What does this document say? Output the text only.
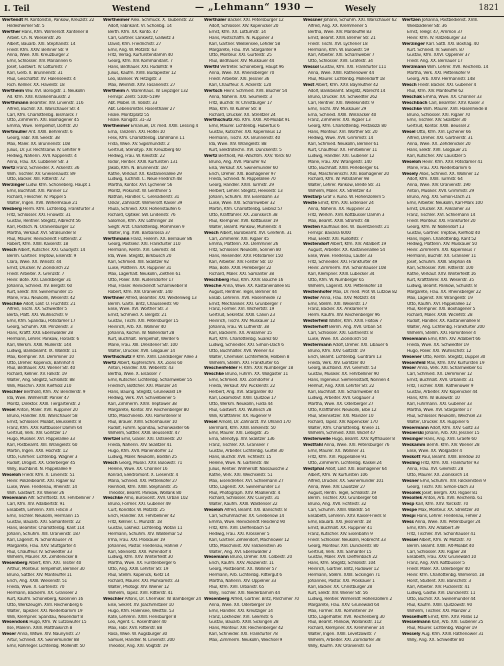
I. Teil	Westend	— „Lehmann“ 1930 —	Wesely	1821
Wertendt M. Kontoristin, Pankow, Kreuzstr. 22
Hildesheimer Str. 5
Werther Hans, Kfm. Wilmersdf. Xantener 8
Arbeit. Ch. N. Wiesenstr. 26
Albert, Bauarb. XXI. Stephanstr. 14
Friedr. Kfm. XXIV. Berliner Str. 9
Anna, Wwe. XXI. Kreuzburger 2
Emil, Schlosser. XIV. Mariannen 6
Josef, Gastwirt. IV. Lottumstr. 7
Karl, Gerb. II. Brunnenstr. 31
Paul, Geschäftsf. XV. Halenseestr. 4
Rich. Kellner. XX. Havelstr. 18
Wertheim Ww. XVI. Borsigstr. 1. Neukölln
Ad. Kfm. XXII. Krankenhausstr. 2
Werthmann Beamter. XIV. Linienstr. 116
Alfred, Buchdr. XX. Warschauer Str. 4
Carl, Kfm. Charlottenbg. Bismarck 7
Otto, Zimmerm. XXI. Boxhagener 45
Emma, Wwe. Tempelhof, Dorfstr. 20
Wertmüller Ant. XXIII. Behrenstr. 6
Georg, Fabr. XIII. Seestr. 38
Max, Maler. XX. Brunnenstr. 108
Julius, Dr. jur. Rechtsanw. IV. Lehrter 9
Hedwig, Näherin. XVII. Koppenstr. 4
Anna, Frau. XX. Lübbener Str. 3
Wertz Franz, Schneider. X. Ackerstr. 36
Wilh. Tischler. XV. Gneisenaustr. 89
Otto, Bäcker. XIII. Ritterstr. 72
Werzinger Ludw. Kfm. Schöneberg. Haupt 1
Emil, Buchhalt. XXI. Pannier 12
Richard, Fleischer. IV. Pappel 5
Walter, Ingen. XVII. Wilhelmsaue 21
Wesberg Herm. Kfm. Lichtenbg. Frankfurter 3
Fritz, Schlosser. XXI. Finowstr. 31
Gustav, Rentner. Steglitz, Albrecht 56
Karl, Postsch. N. Oranienburger 12
Martha, Verkäuf. XVI. Stralsunder 8
Paul, Maurer. Reinickendf. Flottenstr. 2
Robert, Kfm. XXIII. Kaiserstr. 18
Wesch Albert, Kutscher. XXI. Gaudystr. 14
Bernh. Gärtner. Treptow, Elsenstr. 9
Clara, Wwe. XX. Winsstr. 44
Ernst, Drucker. IV. Zionskirch 22
Friedr. Arbeiter. X. Grenzstr. 7
Heinr. Bote. XXI. Landsberger 31
Johanna, Schneid. XV. Bergstr. 60
Kurt, Elektr. XIV. Swinemünder 15
Marie, Frau. Neukölln, Weserstr. 42
Weschke Adolf, Lokf. O. Fruchtstr. 21
Alfred, Tischl. XX. Schwedter 5
Berta, Plätt. XXI. Wühlischstr. 9
Emil, Kfm. Spandau, Potsdamer 17
Georg, Schuhm. XIII. Prinzenstr. 3
Hans, Kraftf. XXII. Eberswalder 28
Hermann, Lehrer. Pankow, Florastr. 6
Karl, Werkm. XXIII. Müllerstr. 144
Ludwig, Bankbeamt. IX. Waldstr. 11
Max, Klempner. XX. Demminer 10
Otto, Dreher. Köpenick, Bahnhof 4
Paul, Bildhauer. XXI. Wiener Str. 40
Richard, Kellner. XV. Falkstr. 19
Walter, Ang. Steglitz, Schloßstr. 88
Willi, Maschin. XXIV. Kiefholz 210
Weschler Berthold, Kfm. XV. Bendlerstr. 9
Ida, Wwe. Wilmersdf. Pariser 47
Moritz, Direktor. XXIII. Tiergartenstr. 2
Wesel Anton, Maler. XVII. Ruppiner 20
Bruno, Händler. XXI. Warschauer 58
Ernst, Schlosser. Moabit, Beusselstr. 8
Franz, Kfm. XXV. Kottbusser Damm 64
Gertrud, Verk. XIV. Görlitzer 17
Hugo, Musiker. XVI. Pappelallee 33
Karl, Postbeamt. XIII. Wrangelstr. 60
Martin, Ingen. XXII. Hochstr. 12
Otto, Fuhrherr. Lichtenbg. Wagner 3
Rudolf, Drogist. XX. Oderberger 45
Willy, Buchbind. N. Pappelallee 9
Weseloh Friedr. Kfm. X. Linienstr. 51
Heinr. Polizeibeamt. XXI. Rigaer 82
Luise, Wwe. Friedenau, Rheinstr. 14
Wilh. Gastwirt. XV. Wiener 26
Wesemann Alfr. Schriftsetz. XX. Fehrbelliner 7
Carl, Kfm. XIV. Adalbertstr. 91
Elisabeth, Lehrerin. XVII. Fidicin 3
Emil, Tischler. Neukölln, Hermann 15
Gustav, Bauarb. XXI. Samariterstr. 22
Hans, Beamter. Charlottenbg. Kant 114
Johann, Schuhm. XIII. Oranienstr. 187
Karl, Lagerist. N. Schönhauser 74
Margarete, Frau. XXV. Stuttgarter 4
Paul, Chauffeur. IV. Schwedter 33
Wilhelm, Maurer. XX. Zehdenicker 8
Wesenberg Albert, Kfm. XXI. Tilsiter 40
Arthur, Monteur. Tempelhof, Berliner 30
Bruno, Sattler. XIV. Manteuffel 11
Erich, Ang. XXIII. Wiesenstr. 51
Frieda, Wwe. X. Gartenstr. 70
Hermann, Bäckerm. XX. Granseer 2
Kurt, Kaufm. Schöneberg, Kolonnen 16
Otto, Werkzeugm. XVII. Reichenberg 6
Walter, Tapezier. XXI. Niederbarnim 19
Willi, Klempner. Spandau, Neuendorf 8
Wesendonk Hugo, Kfm. W. Lützowufer 15
Ilse, Malerin. XXIII. Matthäikirch 8
Weser Anna, Witwe. XIV. Naunynstr. 27
Artur, Schneid. XX. Swinemünder 88
Emil, Rohrleger. Lichtenbg. Möllendf. 50
Wertheimer Alex. Schmuck. X. Taubenstr. 22
Adolf, Fabrikant. VI. Schönbg. 14
Berth. Kfm. XX. Konto. 47
Carl, Gärtner. Lankwitz, Gallwitz 3
David, Kfm. Friedrichstr. 27
Emil, Ang. W. Motzstr. 63
Fritz, Verlag. Kurfürstendamm 40
Georg, Kfm. XIV. Kommandant. 7
Hans, Bildhauer. XXI. Rudolfstr. 9
Julius, Kaufm. XVIII. Budapester 12
Leo, Bankier. W. Hitzigstr. 3
Max, Weinhdl. XXV. Fasanenstr. 27
Wertheim A. Warenhaus. W. Leipziger 132
Fernspr. Zentr. 5100–5199
Abt. Möbel. IX. Voßstr. 33
Abt. Lebensmittel. Rosenthaler 27
Filiale. Moritzplatz 55
Filiale. Königstr. 31–32
Wertheimer Emanuel, Dr. med. XXIII. Lessing 4
Erna, Tänzerin. XXI. Holtei 10
Felix, Kfm. Charlottenbg. Dahlmann 11
Frida, Wwe. XV. Sigismundstr. 2
Gertrud, Stenotyp. XIV. Kreuzberg 60
Hedwig, Frau. W. Kleiststr. 22
Isidor, Rentier. XXIII. Kurfürsten 131
Jakob, Kfm. N. Brunnenstr. 187
Käthe, Verkäuf. XX. Kastanienallee 29
Ludwig, Tuchhdl. C. Neue Friedrich 48
Martha, Kontor. XVI. Lychener 56
Moritz, Prokurist. W. Genthiner 5
Nathan, Händler. C. Grenadierstr. 31
Oskar, Zahnarzt. Wilmersdf. Kaiser 39
Paula, Schneid. XXV. Hohenstaufen 6
Richard, Optiker. SW. Lindenstr. 76
Salomon, Kfm. XIV. Lothringer 18
Siegfr. Arzt. Charlottenbg. Mommsen 9
Walter, Ing. XVII. Barbarossa 37
Werthmann Franz, Feilenh. XX. Bernauer 86
Georg, Postsekr. XXI. Frankfurter 110
Hermann, Rentn. XVI. Gleimstr. 44
Ida, Wwe. Steglitz, Birkbusch 20
Karl, Schmied. XIII. Skalitzer 92
Luise, Plätterin. XX. Ruppiner 31
Max, Lagerhalt. Neukölln, Ziethen 61
Otto, Polier. XXII. Rüdersdorfer 17
Paul, Fräser. Reinickendf. Scharnweber 8
Robert, Kfm. XIV. Oranienstr. 140
Werthner Alfred, Beamter. XXI. Weidenweg 13
Bernh. Gärtn. Britz, Chausseestr. 90
Elise, Wwe. XVI. Wörther Str. 3
Ernst, Schmied. X. Bergstr. 21
Gustav, Tischl. XXI. Petersburger 15
Heinrich, Arb. XX. Wolliner 40
Johanna, Köchin. W. Nollendorf 28
Kurt, Buchhalt. Tempelhof, Werder 6
Marie, Frau. XIII. Dresdener Str. 100
Walter, Drucker. XVII. Glogauer 14
Werthschütz P. Kfm. XVIII. Landsberger Allee 3
Wertz Albert, Kupferschm. XX. Zions 60
Anton, Händler. XXI. Weberstr. 43
Bertha, Wwe. X. Elsasser 7
Emil, Kutscher. Lichtenbg. Scharnweber 55
Friedrich, Böttcher. XXI. Mainzer 24
Hans, Bauing. Steglitz, Grunewald 19
Hedwig, Verk. XVI. Schivelbeiner 5
Karl, Zimmerm. XXIV. Treptower 38
Margarete, Kontor. XIV. Reichenberger 80
Otto, Maschinenb. XXI. Romintener 8
Paul, Brauer. XVIII. Schönhauser 10
Rudolf, Fuhrm. Spandau, Schönwalder 66
Wilhelm, Sattler. XXIII. Beusselstr. 47
Wertzel Emil, Glaser. XXI. Ostseestr. 20
Frieda, Näherin. XIV. Skalitzer 41
Hugo, Kfm. XVII. Mariendorfer 12
Ludwig, Maler. Neukölln, Boddin 25
Wesch Georg, Musikl. XXV. Bülowstr. 71
Helene, Wwe. XX. Choriner 16
Konrad, Elektromont. X. Liesenstr. 4
Maria, Schneid. XXI. Pettenkofer 27
Reinhold, Kfm. XXIII. Stephanstr. 35
Theodor, Beamt. Pankow, Wollank 80
Weschke Arno, Bürovorst. XVII. Urban 102
Bruno, Former. XXI. Gubener 49
Curt, Konditor. W. Motzstr. 25
Erich, Händler. XX. Fehrbelliner 42
Fritz, Kellner. C. Münzstr. 18
Gustav, Lokheiz. Lichtenbg. Wotan 11
Hermann, Schuhm. XIV. Waldemar 52
Irma, Frau. XXI. Proskauer 19
Johannes, Pastor. Friedenau, Hähnel 7
Karl, Steinsetz. XXII. Pufendorf 4
Ludwig, Kfm. XXV. Winterfeldt 30
Martha, Wwe. XX. Fürstenberger 6
Otto, Ang. XXIII. Lehrter Str. 19
Paul, Stellm. Köpenick, Kietz 14
Richard, Maurer. XXI. Mühsamstr. 33
Walter, Photogr. XIV. Wiener 12
Wilhelm, Tapez. XVII. Ritterstr. 41
Weschler Alfons, Dr. Chemiker. W. Bamberger 24
Else, Sekret. XV. Joachimstaler 10
Hugo, Kfm. Halensee, Westfäl. 53
Käte, Lehrerin. XXIII. Flensburger 8
Leo, Agent. C. Rosenthaler 40
Max, Fabr. XVII. Ritterstr. 88
Rosa, Wwe. W. Augsburger 30
Samuel, Händler. N. Linienstr. 200
Theodor, Ang. XXI. Voigtstr. 19
Werthaler Bäcker. XXI. Petersburger 12
Adolf, Schlosser. XIV. Köpenicker 20
Ernst, Kfm. XX. Lottumstr. 14
Hans, Postschaffn. N. Ruppiner 3
Karl, Gärtner. Weißensee, Lehder 58
Margarete, Frau. XVI. Stargarder 9
Otto, Monteur. XXI. Gürtelstr. 25
Paul, Bildhauer. XIV. Muskauer 44
Werthl Vertreter. Schöneberg, Haupt 96
Anna, Wwe. XX. Rheinsberger 70
Friedr. Arbeiter. XXI. Jessner 36
Karl, Chauffeur. X. Ackerstr. 120
Wertsch Heinr. Schmied. XVII. Blücher 54
Anna, Näherin. XXI. Seumestr. 3
Fritz, Buchdr. IV. Christburger 17
Max, Kfm. W. Kulmer Str. 8
Richard, Drucker. XX. Strelitzer 24
Werthschütz Alb. Kfm. XXIII. Alt-Moabit 91
Emil, Maurer. Lichtenbg. Hubertus 6
Gustav, Kutscher. XXI. Kopernikus 12
Hermann, Tischl. XX. Brunnenstr. 40
Ida, Wwe. XIV. Wrangelstr. 88
Kurt, Elektrotechn. XVI. Dunckerstr. 5
Wertz Berthold, Pol.-Wachtm. XXV. Yorck 60
Bruno, Ang. XVII. Planufer 92
Elsa, Verkäuf. XX. Swinemünder 60
Erich, Dreher. XXI. Boxhagener 97
Frieda, Schneid. N. Pappelallee 70
Georg, Händler. XXIII. Turmstr. 29
Herbert, Lehrer. Steglitz, Heesestr. 13
Johann, Schuhm. XIV. Eisenbahn 33
Luise, Wwe. XXI. Scharnweber 32
Martin, Kfm. Charlottenbg. Leibniz 57
Otto, Kraftfahrer. XX. Zionskirch 38
Paul, Klempner. XVII. Kottbusser 19
Walter, Beamt. Pankow, Mühlenstr. 4
Wesch Albert, Bürobeamt. XVI. Greifenh. 31
Carl, Zimmerer. XXI. Rigaer 45
Emma, Plätterin. XX. Demminer 26
Fritz, Schlosser. Neukölln, Sonnen 80
Hans, Reisender. XXV. Potsdamer 150
Karl, Arbeiter. XIV. Forster Str. 10
Max, Bote. XXIII. Perleberger 22
Richard, Maler. XXI. Samariter 38
Weschberg Paul, Kfm. XXIV. Bouché 16
Wesche Anna, Wwe. XX. Kastanienallee 81
August, Rentner. Tegel, Berliner 44
Elisab. Lehrerin. XVII. Hasenheide 72
Ernst, Mechaniker. XXI. Grünberger 7
Franz, Former. XVI. Wichertstr. 19
Gertrud, Sekretär. XXIII. Calvin 23
Heinrich, Tischl. XIV. Muskauer 12
Johanna, Frau. W. Lutherstr. 38
Karl, Bäckerm. XX. Anklamer 15
Kurt, Kfm. Charlottenbg. Suarez 60
Ludwig, Schneider. XXI. Simon-Dach 6
Otto, Buchhalter. XVII. Wiener 43
Walter, Chemiker. Lichterfelde, Holbein 8
Wilhelm, Stellm. XXI. Frankfurter 65
Weschenfelder H. Kfm. XXV. Nürnberger 18
Weschke Bruno, Fuhrm. XX. Wolgaster 11
Emil, Schmied. XXI. Zorndorfer 3
Frieda, Verkäuf. XIV. Pücklerstr. 22
Herbert, Ang. XVI. Stargarder 40
Karl, Lokomotivf. XXIII. Quitzow 17
Otto, Werkm. Neukölln, Fulda 44
Paul, Gastwirt. XXI. Wühlisch 28
Willi, Kraftfahrer. XX. Rügener 9
Wesel Arnold, Dr. Zahnarzt. XV. Uhland 170
Bernhard, Kfm. XXIII. Birkenstr. 50
Emil, Maurer. XXI. Liebigstr. 35
Erna, Stenotyp. XIV. Skalitzer 136
Franz, Tischler. XX. Granseer 7
Gustav, Arbeiter. Lichtenbg. Gürtel 30
Hans, Buchdr. XVII. Fichtestr. 15
Helene, Wwe. N. Gartenstr. 48
Julius, Rentier. Wilmersdf. Nassauische 2
Käthe, Verk. XXI. Weichselstr. 51
Max, Eisendreher. XVI. Schliemann 27
Otto, Lagerist. XX. Swinemünder 13
Paul, Photograph. XXV. Maaßenstr. 4
Richard, Schlosser. XIV. Cuvrystr. 31
Walter, Kaufm. XXIII. Waldenser 22
Weseloh Alfred, Beamt. XXI. Bänschstr. 8
Carl, Schuhmacher. XX. Griebenow 14
Emma, Wwe. Reinickendf. Residenz 90
Fritz, Kfm. XVII. Dieffenbach 53
Hedwig, Frau. XXI. Krossener 5
Karl, Gärtner. Zehlendorf, Machnower 12
Otto, Maschinist. XIV. Falckenstein 36
Walter, Ang. XVI. Eberswalder 2
Wesemann Bruno, Dreher. XXI. Colbestr. 20
Erich, Kaufm. XXV. Akazienstr. 11
Georg, Postbeamt. XX. Wolliner 57
Hermann, Arb. Lichtenbg. Rittergut 6
Martha, Näherin. XIV. Oppelner 33
Paul, Kfm. XVII. Urbanstr. 65
Willy, Tischler. XXI. Niederbarnim 44
Wesenberg Alfred, Gärtner. Britz, Parchimer 70
Anna, Wwe. XX. Oderberger 19
Emil, Händler. XXI. Kreutziger 14
Franz, Lokheizer. XVI. Gleimstr. 6
Gustav, Bauarb. XXIII. Sickingen 28
Hans, Monteur. XIV. Reichenberger 42
Karl, Schneider. XXI. Frankfurter 78
Max, Zimmerm. Neukölln, Weichsel 9
Wessner Johann, Schuhm. XXI. Warschauer 62
Alfred, Ang. XX. Kremmener 5
Bertha, Wwe. XIV. Manteuffel 83
Ernst, Beamt. XXIII. Bremer Str. 21
Friedr. Tischl. XVI. Lychener 18
Hermann, Kfm. W. Bülowstr. 59
Karl, Arbeiter. XXI. Scharnweber 7
Otto, Schlosser. XVII. Gräfestr. 34
Wessol Gustav, Kfm. XXI. Frankfurter 111
Anna, Wwe. XXIII. Rathenower 44
Paul, Maurer. Lichtenbg. Möllendorff 18
West Albert, Kfm. XXV. Bayreuther 42
Adolf, Bankbeamt. Steglitz, Albrecht 14
Bruno, Drucker. XX. Schwedter 262
Carl, Rentner. XXI. Wedekindstr. 9
Emil, Tischl. XIV. Muskauer 29
Erna, Schneid. XXIII. Wilsnacker 40
Franz, Zimmerer. XXI. Rigaer 13
Georg, Kfm. Charlottenbg. Pestalozzi 80
Hans, Monteur. XVI. Wörther Str. 20
Hedwig, Wwe. XVII. Grimmstr. 14
Karl, Schmied. Neukölln, Berliner 61
Kurt, Chauffeur. XX. Fehrbelliner 11
Ludwig, Händler. XXI. Gubener 12
Marie, Frau. XIV. Wrangelstr. 140
Otto, Buchhalt. XXIII. Perleberger 61
Paul, Maschinenschl. XXI. Boxhagener 20
Richard, Kfm. W. Potsdamer 98
Walter, Lehrer. Pankow, Breite Str. 31
Wilhelm, Maler. XX. Strelitzer 43
Westarp Graf v. Kuno. W. Hohenzollern 5
Weste Ernst, Kfm. XXI. Eldenaer 24
Anna, Näherin. XX. Ruppiner 22
Fritz, Werkm. XVII. Kottbusser Damm 3
Max, Beamt. XXIII. Stromstr. 48
Westen Kaufhaus des. W. Tauentzienstr. 21
Fernspr. Bavaria 6000
Paul, Elektr. XXI. Rudolfstr. 7
Westendorf Albert, Kfm. XIV. Adalbert 19
August, Arbeiter. XX. Kastanienallee 54
Elise, Wwe. Friedenau, Lauter 33
Fritz, Schneider. XXI. Frankfurter 49
Heinr. Zimmerm. XVI. Schönhauser 108
Karl, Klempner. XXIII. Lübecker 34
Otto, Kfm. W. Nürnberger 65
Wilhelm, Lagerist. XXI. Pettenkofer 10
Westenhöfer Max, Dr. med. Prof. W. Lützow 82
Wester Anna, Frau. XXV. Motzstr. 44
Emil, Stellm. XXI. Weserstr. 17
Franz, Bäcker. XX. Anklamer 9
Herm. Kaufm. XIV. Reichenberger 96
Westerfeld Walter, Kfm. XXIII. Flotow 7
Westerhoff Bernh. Ang. XVII. Urban 54
Carl, Schlosser. XXI. Gärtnerstr. 8
Luise, Wwe. XX. Zionskirch 50
Westermann Adolf, Dreher. XXI. Libauer 6
Bruno, Kfm. XXV. Goltzstr. 19
Erich, Beamt. Lichtenbg. Guntram 13
Frieda, Verk. XIV. Görlitzer 40
Georg, Buchbind. XVI. Gleimstr. 53
Gustav, Musiker. XX. Fehrbelliner 90
Hans, Ingenieur. Siemensstadt, Nonnen 4
Helmut, Ang. XXIII. Lehrter Str. 22
Karl, Buchhalt. XXI. Scharnweber 44
Ludwig, Arbeiter. XVII. Glogauer 3
Martha, Wwe. XX. Oderberger 27
Otto, Kraftfahrer. Neukölln, Elbe 12
Paul, Steinsetzer. XXI. Mainzer 10
Richard, Tapez. XIV. Köpenicker 170
Walter, Kfm. Charlottenbg. Knese 11
Wilhelm, Schmied. XXIII. Wiclef 47
Westerwelle Hugo, Beamt. XXV. Kyffhäuser 8
Westfahl Anna, Wwe. XXI. Petersburger 76
Emil, Maurer. XX. Wolliner 31
Fritz, Kfm. XVI. Pappelallee 91
Otto, Zimmerm. Lichtenbg. Kaskel 24
Westphal Adolf, Lokf. XXI. Boxhagener 64
Albert, Kfm. W. Kurfürsten 106
Alfred, Drucker. XX. Swinemünder 101
Anna, Wwe. XIV. Lausitzer 27
August, Rentn. Tegel, Schloßstr. 19
Bernh. Tischler. XXI. Grünberger 60
Bruno, Ang. XVII. Fichtestr. 32
Carl, Schuhm. XXIII. Waldstr. 54
Elisabeth, Lehrerin. XXV. Kaiser-Friedr. 8
Emil, Bauarb. XXI. Jessnerstr. 18
Ernst, Buchhalt. XX. Ruppiner 41
Franz, Kutscher. XIV. Eisenbahn 9
Friedr. Schlosser. Neukölln, Hobrecht 33
Georg, Monteur. XVI. Dunckerstr. 80
Gertrud, Verk. XXI. Samariter 15
Gustav, Maler. XVII. Dieffenbach 22
Hans, Kfm. Steglitz, Schloßstr. 104
Heinrich, Gärtner. Britz, Rudower 12
Hermann, Stellm. XXIII. Sickingen 71
Johannes, Pastor. XXI. Proskauer 1
Karl, Bäcker. XX. Christburger 28
Kurt, Elektr. XIV. Wiener Str. 56
Ludwig, Rentier. Wilmersdf. Hohenzollern 2
Margarete, Frau. XXV. Grunewald 64
Max, Former. XXI. Romintener 19
Otto, Lagerhalter. XVII. Reichenberg 30
Paul, Beamt. Pankow, Wollankstr. 112
Richard, Klempner. XX. Kremmener 14
Walter, Ingen. XXIII. Levetzowstr. 7
Wilhelm, Arbeiter. XXI. Zorndorfer 38
Willy, Kaufm. XIV. Oranienstr. 63
Wertzen Johanna, Postbedienst. XVIII.
Wiesbadener Str. 36
Ernst, Telegr. 47, Ammon 37
Heinr. Kfm. IV. Ratzeburger 33
Werzinger Karl. Sattl. XXI. Boxhag. 40
Kurt. Schneid. IV. Swinem. 87
Gustav, Kfm. XXVI. Oppelner 37
Friedr. Ang. XX. Bernauer 17
Werzmann Wilh. Lehrer. XVII. Reichenb. 14
Martha, Verk. XXI. Pettenkofer 9
Georg, Arb. XXIV. Hermannstr. 148
Wesch Friedr. Bäcker. XXI. Gubener 4
Paul, Kfm. XIV. Manteuffel 62
Weschak Emma, Wwe. XX. Choriner 33
Weschbach Carl, Beamter. XXV. Kaiser 3
Weschke Wilh. Maurer. XVII. Hasenheide 8
Bruno, Schlosser. XXI. Rigaer 70
Emil, Tischler. XIV. Skalitzer 30
Gertrud, Kontor. XXIII. Beussel 2
Wesel Otto, Kfm. XVI. Lychener 66
Alfred, Dreher. XXI. Gärtnerstr. 31
Anna, Wwe. XX. Zehdenicker 20
Hans, Elektr. XVII. Glogauer 21
Karl, Kutscher. XIV. Lausitzer 5
Weseloh Heinr. Kfm. XXV. Potsdamer 41
Marie, Frau. XXI. Niederbarnim 6
Wesely Alois, Schneid. XX. Wolliner 12
Adolf, Kfm. XXIII. Turmstr. 64
Anna, Wwe. XIV. Oranienstr. 190
Anton, Musiker. XVII. Grimmstr. 29
Bruno, Ang. XXI. Simon-Dach 21
Emil, Arbeiter. Neukölln, Karl-Marx 100
Ernst, Drucker. XX. Anklamer 33
Franz, Tischler. XVI. Schliemann 14
Friedr. Monteur. XXI. Frankfurter 20
Georg, Kfm. W. Nollendorf 13
Gustav, Gärtner. Treptow, Kiefholz 40
Hans, Ingen. Charlottenbg. Kant 52
Hedwig, Plätterin. XIV. Muskauer 50
Heinr. Zimmerm. XXI. Kopernikus 7
Hermann, Buchdr. XX. Granseer 11
Josef, Schuhm. XXIII. Stephan 46
Karl, Schlosser. XVII. Ritterstr. 100
Käthe, Verkäuf. XXV. Winterfeldt 16
Kurt, Kraftfahrer. XXI. Weserstr. 35
Ludwig, Beamt. Pankow, Schulstr. 8
Margarete, Frau. XX. Rheinsberger 22
Max, Lagerist. XIV. Wrangelstr. 19
Otto, Kaufm. XVI. Pappelallee 12
Paul, Klempner. XXI. Boxhagener 5
Richard, Maler. XXIII. Wiclefstr. 28
Rudolf, Händler. XX. Kastanienallee 8
Walter, Ang. Lichtenbg. Frankfurter 200
Wilhelm, Stellm. XXI. Romintener 4
Wesemann Emil, Kfm. XIV. Adalbert 66
Frieda, Wwe. XX. Schwedter 19
Hugo, Polier. XXI. Wühlischstr. 12
Wesener Otto, Rentn. Steglitz, Düppel 30
Wesenfeld Max, Kfm. XXV. Kurfürsten 19
Weser Anna, Verk. XXI. Scharnweber 61
Carl, Schmied. XX. Demminer 12
Ernst, Buchhalt. XVII. Urbanstr. 31
Fritz, Tischler. XXIII. Rathenower 9
Gustav, Arbeiter. XIV. Köpenicker 44
Hans, Kfm. W. Bülowstr. 10
Karl, Fuhrmann. XXI. Gubener 33
Martha, Wwe. XVI. Stargarder 17
Paul, Schlosser. Neukölln, Weichsel 23
Walter, Drucker. XX. Ruppiner 6
Wesermann Adolf, Kfm. XXV. Goltz 33
Wesierski Johann, Arb. XXI. Jessner 15
Wesinger Hans, Ang. XVII. Graefe 60
Weskamm Bernh. Kfm. XIV. Wiener 28
Elise, Wwe. XX. Wolgaster 4
Weskott Paul, Beamt. XXIII. Bredow 10
Wesling Fritz, Kfm. XXI. Frankfurter 93
Anna, Frau. XVI. Gleimstr. 28
Otto, Maurer. XX. Zionskirch 14
Wesner Emil, Schuhm. XIV. Falckenstein 9
Georg, Tischl. XXI. Simon-Dach 33
Wesolek Josef, Bergm. XXI. Rigaer 81
Wesollek Anton, Arb. XVII. Reichenb. 61
Wesp Karl, Kfm. XXV. Yorckstr. 70
Wespe Max, Monteur. XX. Strelitzer 30
Wespi Hans, Lehrer. Friedenau, Fehler 2
Wess Anna, Wwe. XXI. Petersburger 24
Emil, Kfm. XIV. Adalbert 39
Fritz, Tischler. XVI. Schönhauser 41
Wessel Albert, Kfm. W. Motzstr. 70
Bernh. Beamt. XXIII. Alt-Moabit 40
Carl, Schlosser. XXI. Rigaer 28
Elisabeth, Frau. XXV. Grunewald 10
Franz, Ang. XVII. Kottbusser 5
Friedr. Maler. XX. Oderberger 40
Heinr. Kfm. Charlottenbg. Wilmersd. 18
Horst, Student. XXI. Bänschstr. 3
Karl, Arbeiter. XIV. Pücklerstr. 41
Ludwig, Gastw. XVI. Dunckerstr. 11
Otto, Buchdr. XX. Swinemünder 44
Paul, Kaufm. XXIII. Quitzowstr. 90
Wilhelm, Tischler. XXI. Mainzer 2
Wesselhöft Ernst, Kfm. XXV. Pallas 12
Wesselmann Karl, Arb. XXI. Gubener 25
Paul, Maurer. Lichtenbg. Wagner 19
Wessely Aug. Kfm. XXIII. Rathenower 31
Willy, Ang. XX. Schwedter 80
